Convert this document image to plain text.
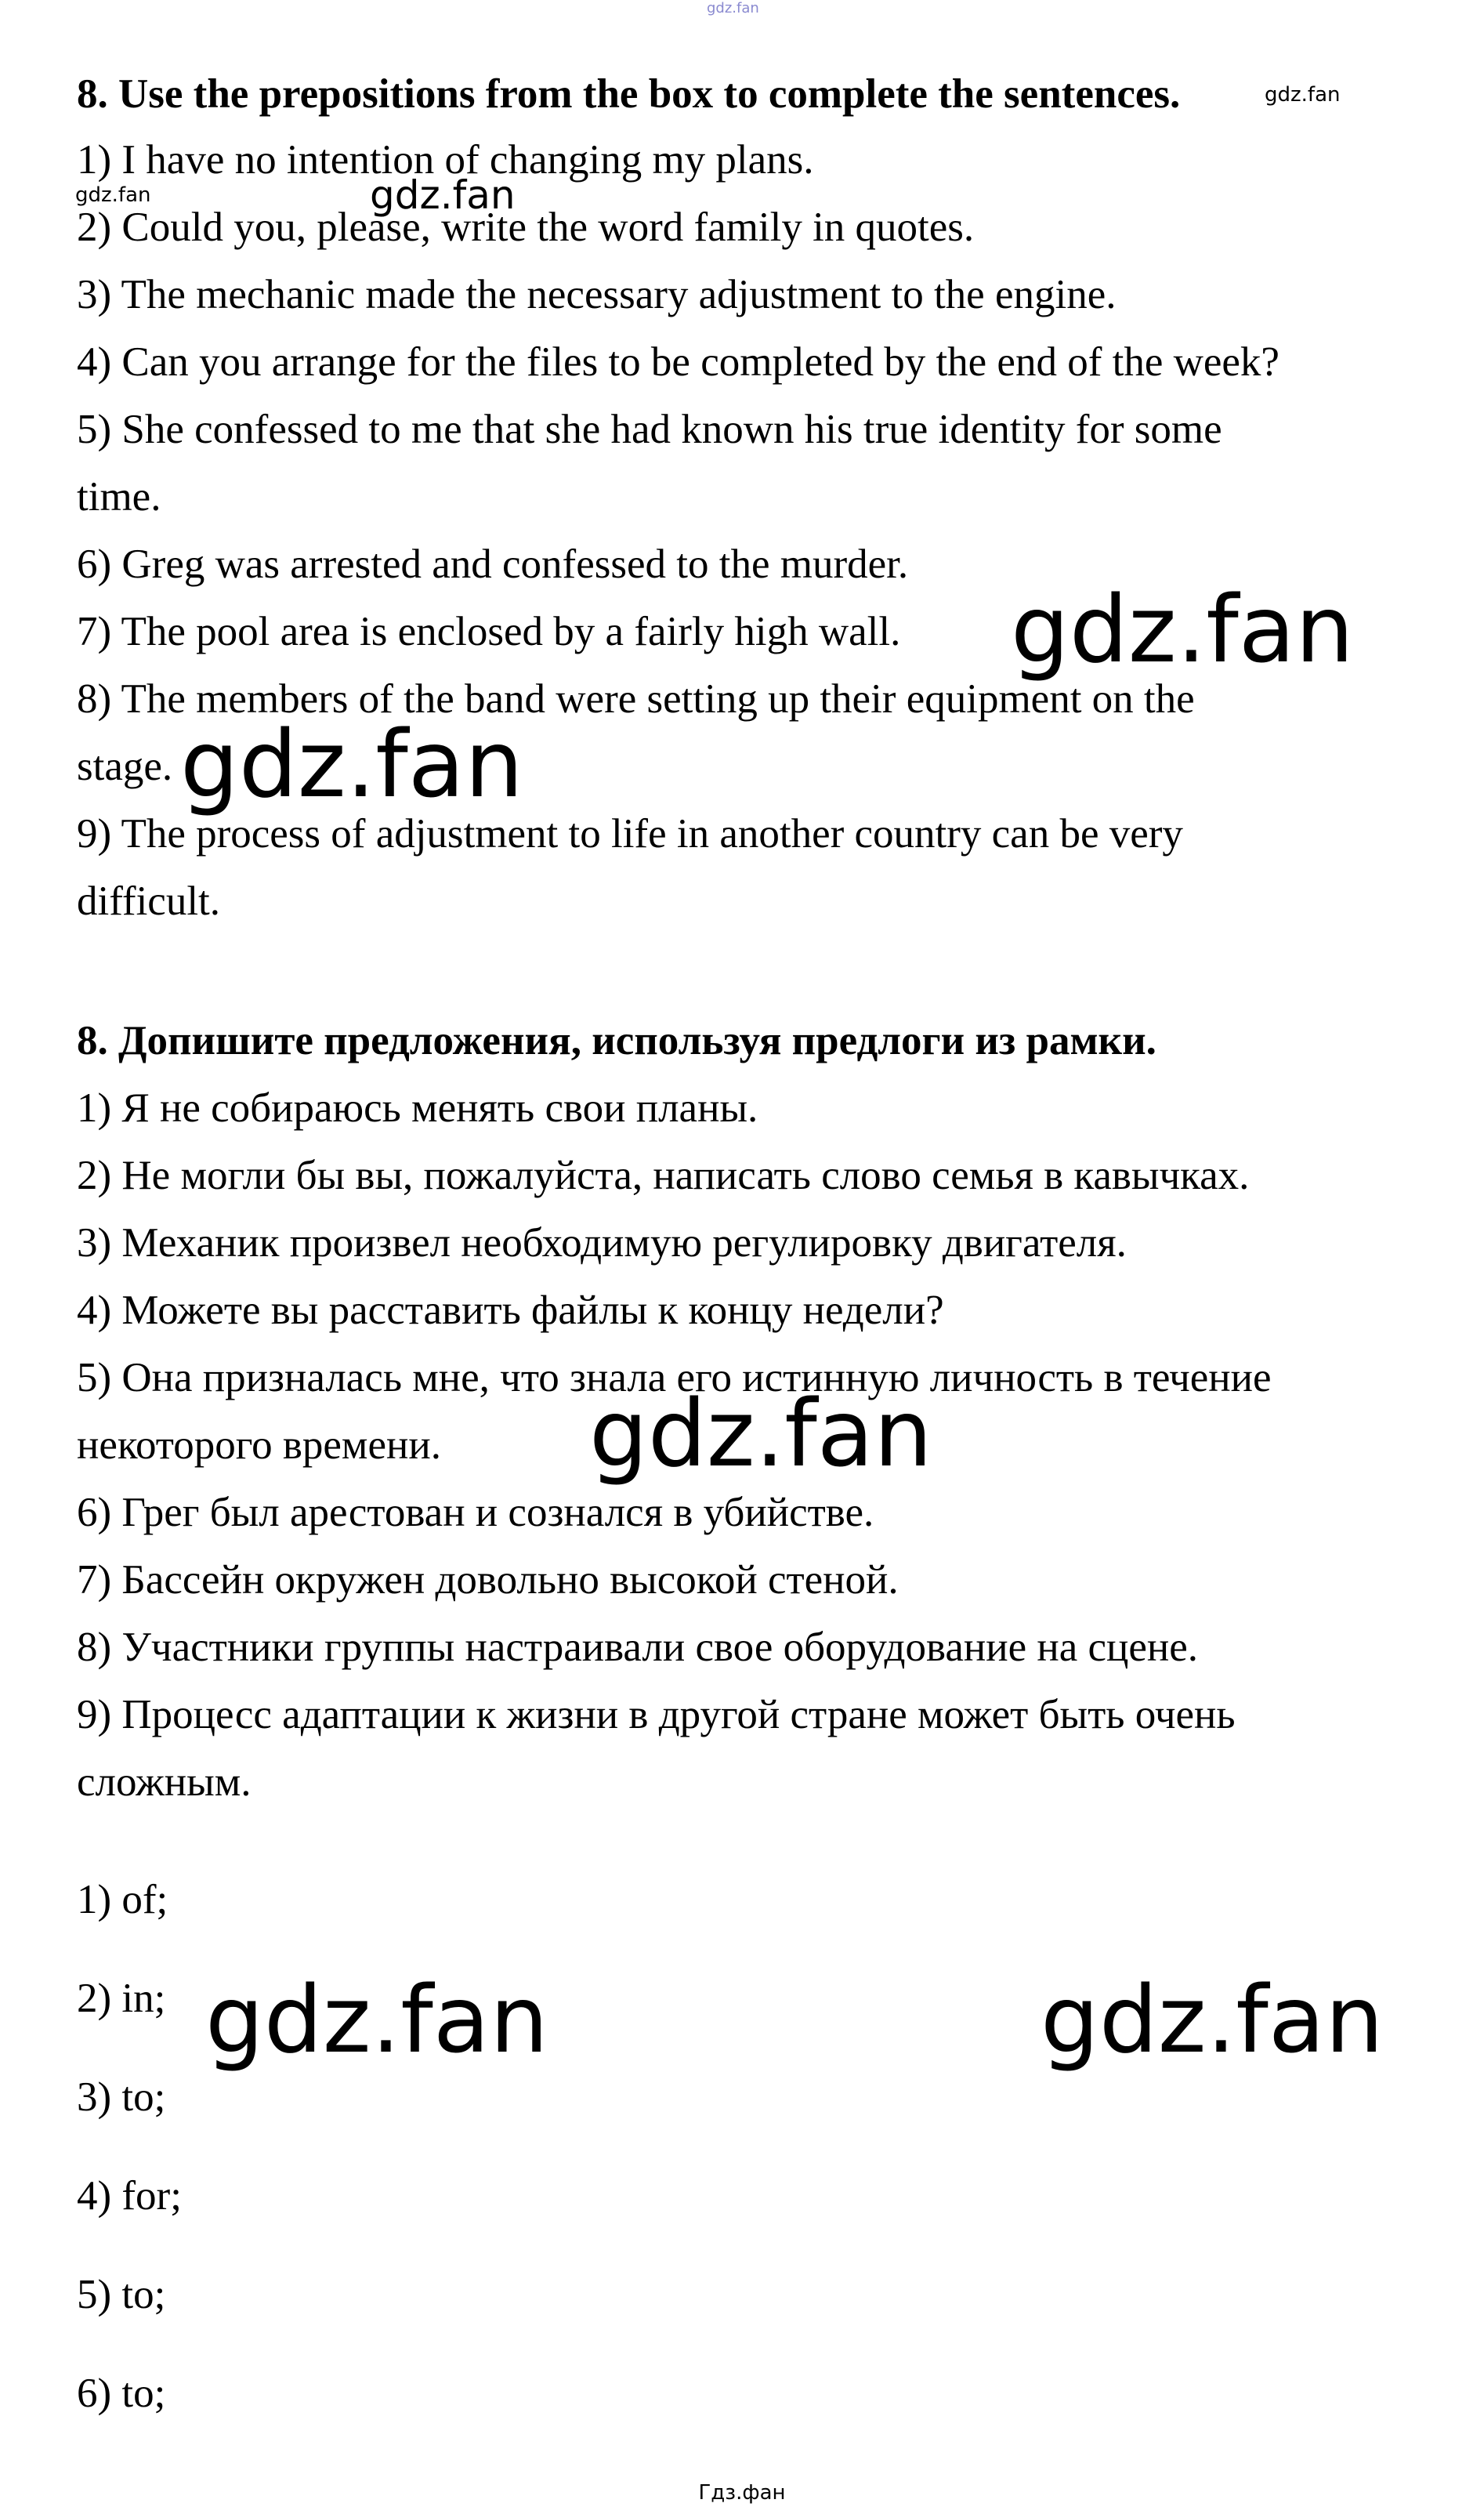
gdz.fan
8. Use the prepositions from the box to complete the sentences.	gdz.fan
1) I have no intention of changing my plans.
gdz.fan	gdz.fan
2) Could you, please, write the word family in quotes.
3) The mechanic made the necessary adjustment to the engine.
4) Can you arrange for the files to be completed by the end of the week?
5) She confessed to me that she had known his true identity for some
time.
6) Greg was arrested and confessed to the murder.
7) The pool area is enclosed by a fairly high wall. gdz.fan
8) The members of the band were setting up their equipment on the
stage. gdz.fan
9) The process of adjustment to life in another country can be very
difficult.
8. Допишите предложения, используя предлоги из рамки.
1) Я не собираюсь менять свои планы.
2) Не могли бы вы, пожалуйста, написать слово семья в кавычках.
3) Механик произвел необходимую регулировку двигателя.
4) Можете вы расставить файлы к концу недели?
5) Она призналась мне, что знала его истинную личность в течение
gdz.fan
некоторого времени.
6) Грег был арестован и сознался в убийстве.
7) Бассейн окружен довольно высокой стеной.
8) Участники группы настраивали свое оборудование на сцене.
9) Процесс адаптации к жизни в другой стране может быть очень
сложным.
1) of;
2) in; gdz.fan	gdz.fan
3) to;
4) for;
5) to;
6) to;
Гдз.фан
